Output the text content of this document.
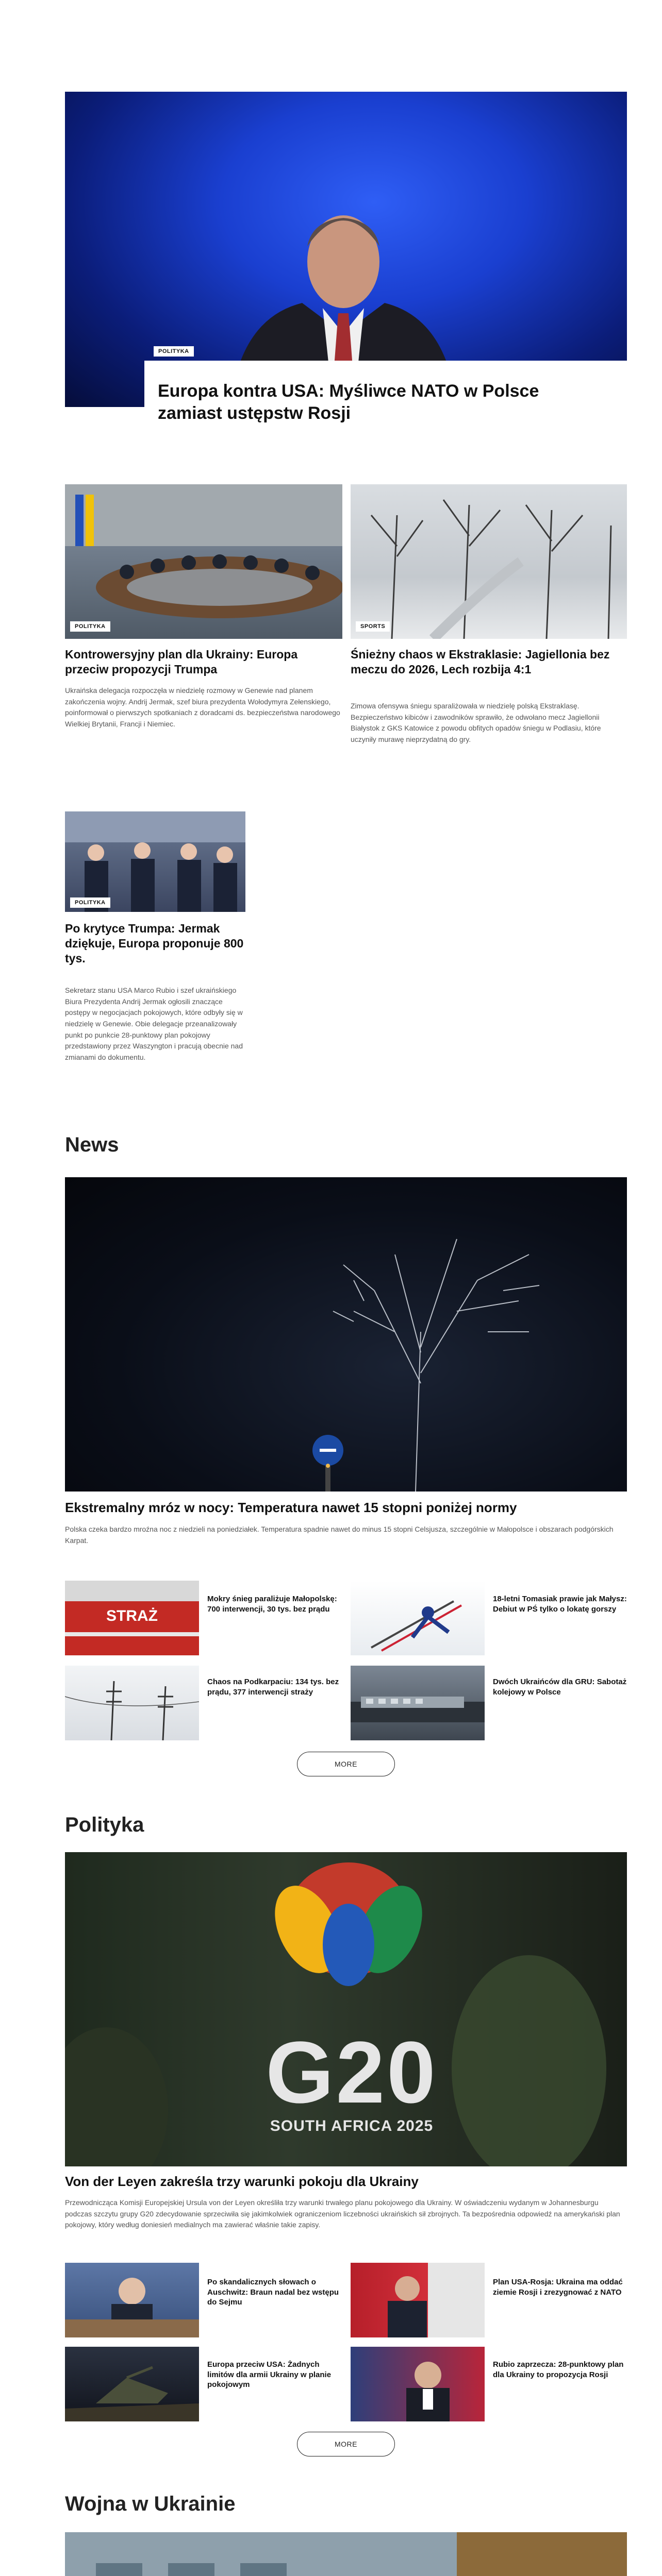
POLITYKA
Europa kontra USA: Myśliwce NATO w Polsce zamiast ustępstw Rosji
POLITYKA
Kontrowersyjny plan dla Ukrainy: Europa przeciw propozycji Trumpa
Ukraińska delegacja rozpoczęła w niedzielę rozmowy w Genewie nad planem zakończenia wojny. Andrij Jermak, szef biura prezydenta Wołodymyra Zełenskiego, poinformował o pierwszych spotkaniach z doradcami ds. bezpieczeństwa narodowego Wielkiej Brytanii, Francji i Niemiec.
SPORTS
Śnieżny chaos w Ekstraklasie: Jagiellonia bez meczu do 2026, Lech rozbija 4:1
Zimowa ofensywa śniegu sparaliżowała w niedzielę polską Ekstraklasę. Bezpieczeństwo kibiców i zawodników sprawiło, że odwołano mecz Jagiellonii Białystok z GKS Katowice z powodu obfitych opadów śniegu w Podlasiu, które uczyniły murawę nieprzydatną do gry.
POLITYKA
Po krytyce Trumpa: Jermak dziękuje, Europa proponuje 800 tys.
Sekretarz stanu USA Marco Rubio i szef ukraińskiego Biura Prezydenta Andrij Jermak ogłosili znaczące postępy w negocjacjach pokojowych, które odbyły się w niedzielę w Genewie. Obie delegacje przeanalizowały punkt po punkcie 28-punktowy plan pokojowy przedstawiony przez Waszyngton i pracują obecnie nad zmianami do dokumentu.
News
Ekstremalny mróz w nocy: Temperatura nawet 15 stopni poniżej normy
Polska czeka bardzo mroźna noc z niedzieli na poniedziałek. Temperatura spadnie nawet do minus 15 stopni Celsjusza, szczególnie w Małopolsce i obszarach podgórskich Karpat.
STRAŻ
Mokry śnieg paraliżuje Małopolskę: 700 interwencji, 30 tys. bez prądu
18-letni Tomasiak prawie jak Małysz: Debiut w PŚ tylko o lokatę gorszy
Chaos na Podkarpaciu: 134 tys. bez prądu, 377 interwencji straży
Dwóch Ukraińców dla GRU: Sabotaż kolejowy w Polsce
MORE
Polityka
G20
SOUTH AFRICA 2025
Von der Leyen zakreśla trzy warunki pokoju dla Ukrainy
Przewodnicząca Komisji Europejskiej Ursula von der Leyen określiła trzy warunki trwałego planu pokojowego dla Ukrainy. W oświadczeniu wydanym w Johannesburgu podczas szczytu grupy G20 zdecydowanie sprzeciwiła się jakimkolwiek ograniczeniom liczebności ukraińskich sił zbrojnych. Ta bezpośrednia odpowiedź na amerykański plan pokojowy, który według doniesień medialnych ma zawierać właśnie takie zapisy.
Po skandalicznych słowach o Auschwitz: Braun nadal bez wstępu do Sejmu
Plan USA-Rosja: Ukraina ma oddać ziemie Rosji i zrezygnować z NATO
Europa przeciw USA: Żadnych limitów dla armii Ukrainy w planie pokojowym
Rubio zaprzecza: 28-punktowy plan dla Ukrainy to propozycja Rosji
MORE
Wojna w Ukrainie
